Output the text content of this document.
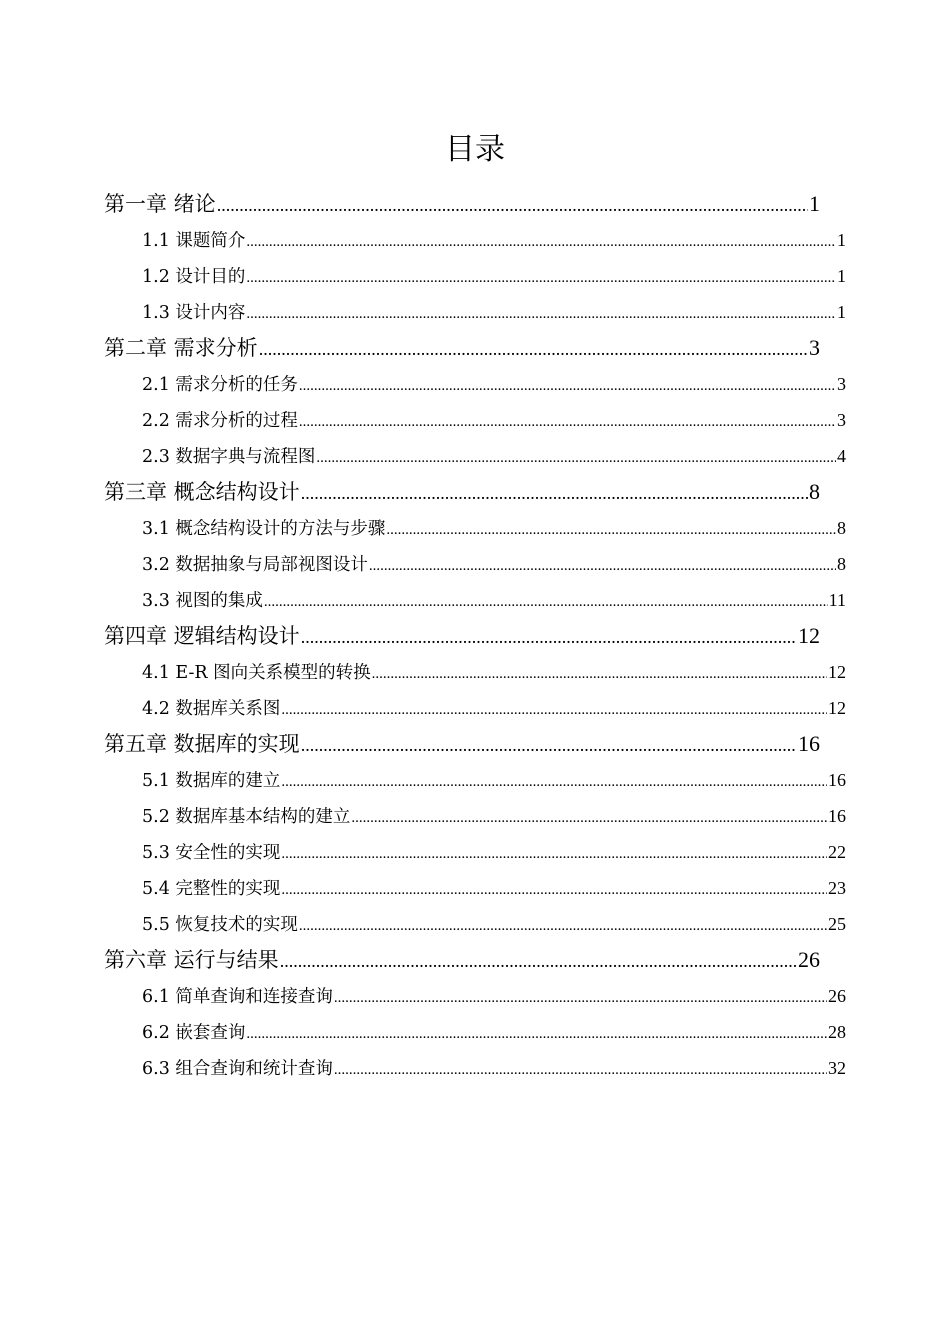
目录
第一章 绪论 .....	1
1.1 课题简介 .....	1
1.2 设计目的 .....	1
1.3 设计内容 .....	1
第二章 需求分析 .....	3
2.1 需求分析的任务 .....	3
2.2 需求分析的过程 .....	3
2.3 数据字典与流程图 .....	4
第三章 概念结构设计 .....	8
3.1 概念结构设计的方法与步骤 .....	8
3.2 数据抽象与局部视图设计 .....	8
3.3 视图的集成 .....	11
第四章 逻辑结构设计 .....	12
4.1 E-R 图向关系模型的转换 .....	12
4.2 数据库关系图 .....	12
第五章 数据库的实现 .....	16
5.1 数据库的建立 .....	16
5.2 数据库基本结构的建立 .....	16
5.3 安全性的实现 .....	22
5.4 完整性的实现 .....	23
5.5 恢复技术的实现 .....	25
第六章 运行与结果 .....	26
6.1 简单查询和连接查询 .....	26
6.2 嵌套查询 .....	28
6.3 组合查询和统计查询 .....	32
